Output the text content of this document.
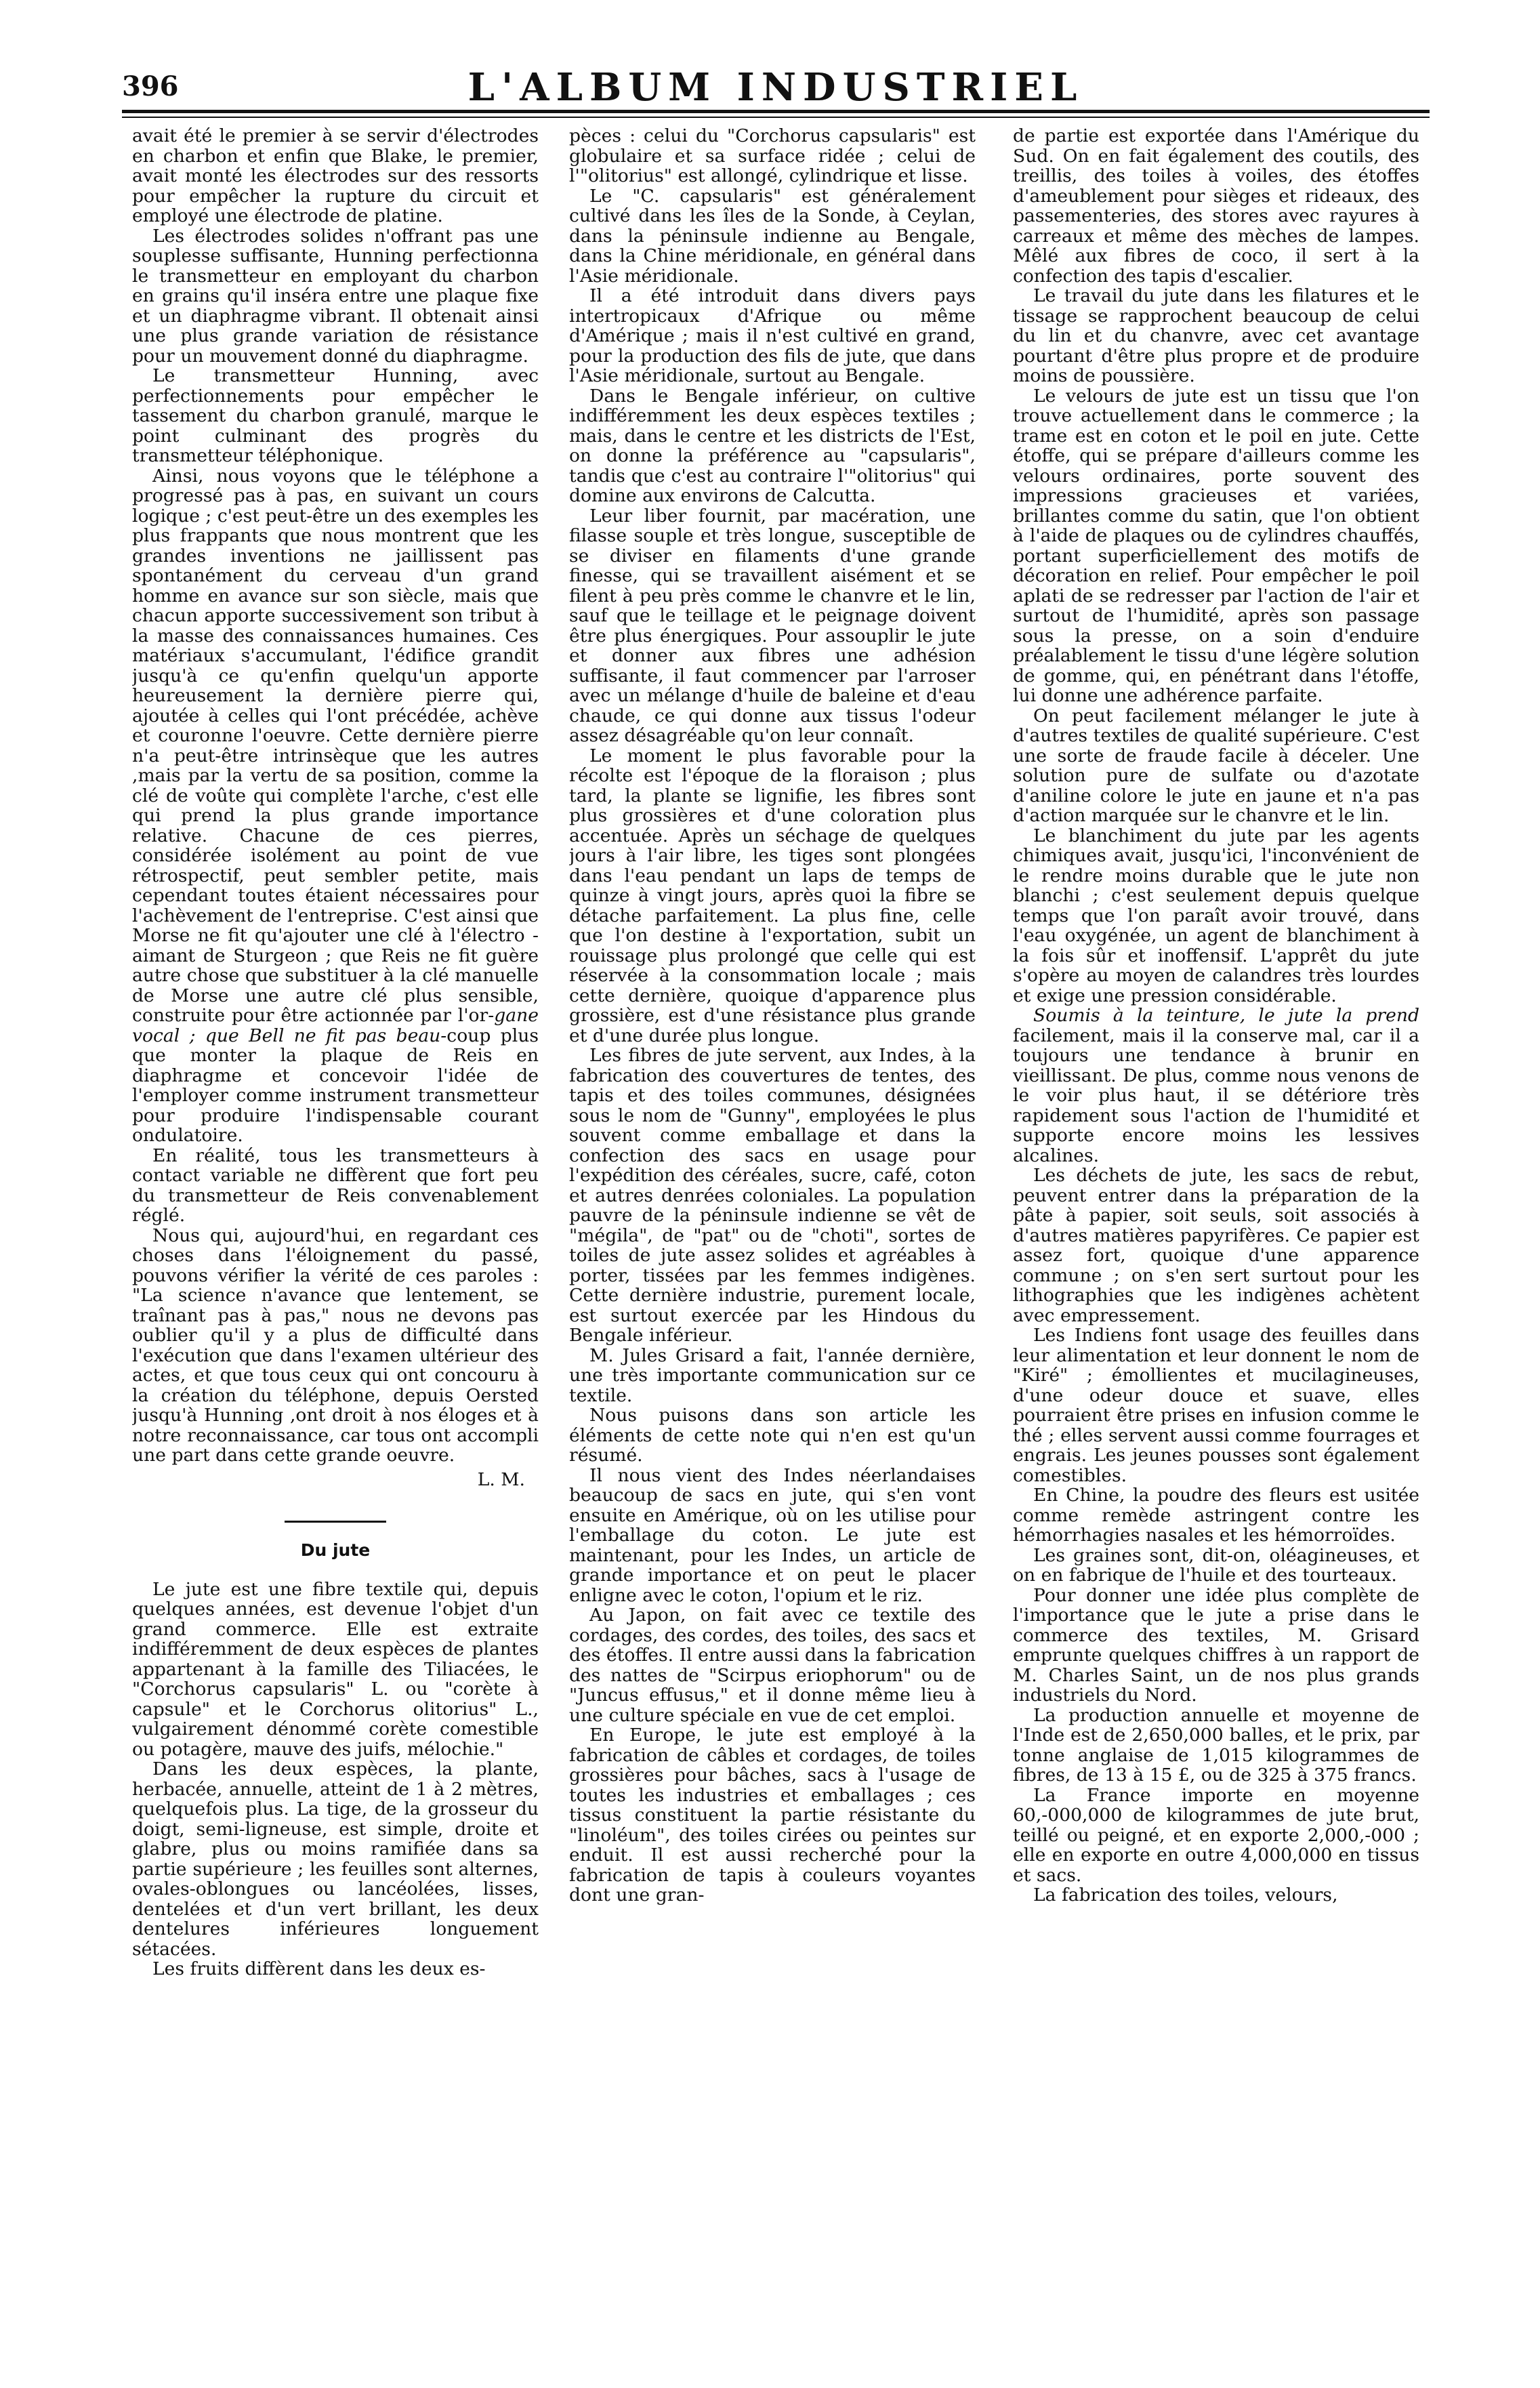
396	L'ALBUM INDUSTRIEL

avait été le premier à se servir d'électrodes en charbon et enfin que Blake, le premier, avait monté les électrodes sur des ressorts pour empêcher la rupture du circuit et employé une électrode de platine.

Les électrodes solides n'offrant pas une souplesse suffisante, Hunning perfectionna le transmetteur en employant du charbon en grains qu'il inséra entre une plaque fixe et un diaphragme vibrant. Il obtenait ainsi une plus grande variation de résistance pour un mouvement donné du diaphragme.

Le transmetteur Hunning, avec perfectionnements pour empêcher le tassement du charbon granulé, marque le point culminant des progrès du transmetteur téléphonique.

Ainsi, nous voyons que le téléphone a progressé pas à pas, en suivant un cours logique ; c'est peut-être un des exemples les plus frappants que nous montrent que les grandes inventions ne jaillissent pas spontanément du cerveau d'un grand homme en avance sur son siècle, mais que chacun apporte successivement son tribut à la masse des connaissances humaines. Ces matériaux s'accumulant, l'édifice grandit jusqu'à ce qu'enfin quelqu'un apporte heureusement la dernière pierre qui, ajoutée à celles qui l'ont précédée, achève et couronne l'oeuvre. Cette dernière pierre n'a peut-être intrinsèque que les autres ,mais par la vertu de sa position, comme la clé de voûte qui complète l'arche, c'est elle qui prend la plus grande importance relative. Chacune de ces pierres, considérée isolément au point de vue rétrospectif, peut sembler petite, mais cependant toutes étaient nécessaires pour l'achèvement de l'entreprise. C'est ainsi que Morse ne fit qu'ajouter une clé à l'électro - aimant de Sturgeon ; que Reis ne fit guère autre chose que substituer à la clé manuelle de Morse une autre clé plus sensible, construite pour être actionnée par l'or-gane vocal ; que Bell ne fit pas beau-coup plus que monter la plaque de Reis en diaphragme et concevoir l'idée de l'employer comme instrument transmetteur pour produire l'indispensable courant ondulatoire.

En réalité, tous les transmetteurs à contact variable ne diffèrent que fort peu du transmetteur de Reis convenablement réglé.

Nous qui, aujourd'hui, en regardant ces choses dans l'éloignement du passé, pouvons vérifier la vérité de ces paroles : "La science n'avance que lentement, se traînant pas à pas," nous ne devons pas oublier qu'il y a plus de difficulté dans l'exécution que dans l'examen ultérieur des actes, et que tous ceux qui ont concouru à la création du téléphone, depuis Oersted jusqu'à Hunning ,ont droit à nos éloges et à notre reconnaissance, car tous ont accompli une part dans cette grande oeuvre.

L. M.
Du jute

Le jute est une fibre textile qui, depuis quelques années, est devenue l'objet d'un grand commerce. Elle est extraite indifféremment de deux espèces de plantes appartenant à la famille des Tiliacées, le "Corchorus capsularis" L. ou "corète à capsule" et le Corchorus olitorius" L., vulgairement dénommé corète comestible ou potagère, mauve des juifs, mélochie."

Dans les deux espèces, la plante, herbacée, annuelle, atteint de 1 à 2 mètres, quelquefois plus. La tige, de la grosseur du doigt, semi-ligneuse, est simple, droite et glabre, plus ou moins ramifiée dans sa partie supérieure ; les feuilles sont alternes, ovales-oblongues ou lancéolées, lisses, dentelées et d'un vert brillant, les deux dentelures inférieures longuement sétacées.

Les fruits diffèrent dans les deux es-

pèces : celui du "Corchorus capsularis" est globulaire et sa surface ridée ; celui de l'"olitorius" est allongé, cylindrique et lisse.

Le "C. capsularis" est généralement cultivé dans les îles de la Sonde, à Ceylan, dans la péninsule indienne au Bengale, dans la Chine méridionale, en général dans l'Asie méridionale.

Il a été introduit dans divers pays intertropicaux d'Afrique ou même d'Amérique ; mais il n'est cultivé en grand, pour la production des fils de jute, que dans l'Asie méridionale, surtout au Bengale.

Dans le Bengale inférieur, on cultive indifféremment les deux espèces textiles ; mais, dans le centre et les districts de l'Est, on donne la préférence au "capsularis", tandis que c'est au contraire l'"olitorius" qui domine aux environs de Calcutta.

Leur liber fournit, par macération, une filasse souple et très longue, susceptible de se diviser en filaments d'une grande finesse, qui se travaillent aisément et se filent à peu près comme le chanvre et le lin, sauf que le teillage et le peignage doivent être plus énergiques. Pour assouplir le jute et donner aux fibres une adhésion suffisante, il faut commencer par l'arroser avec un mélange d'huile de baleine et d'eau chaude, ce qui donne aux tissus l'odeur assez désagréable qu'on leur connaît.

Le moment le plus favorable pour la récolte est l'époque de la floraison ; plus tard, la plante se lignifie, les fibres sont plus grossières et d'une coloration plus accentuée. Après un séchage de quelques jours à l'air libre, les tiges sont plongées dans l'eau pendant un laps de temps de quinze à vingt jours, après quoi la fibre se détache parfaitement. La plus fine, celle que l'on destine à l'exportation, subit un rouissage plus prolongé que celle qui est réservée à la consommation locale ; mais cette dernière, quoique d'apparence plus grossière, est d'une résistance plus grande et d'une durée plus longue.

Les fibres de jute servent, aux Indes, à la fabrication des couvertures de tentes, des tapis et des toiles communes, désignées sous le nom de "Gunny", employées le plus souvent comme emballage et dans la confection des sacs en usage pour l'expédition des céréales, sucre, café, coton et autres denrées coloniales. La population pauvre de la péninsule indienne se vêt de "mégila", de "pat" ou de "choti", sortes de toiles de jute assez solides et agréables à porter, tissées par les femmes indigènes. Cette dernière industrie, purement locale, est surtout exercée par les Hindous du Bengale inférieur.

M. Jules Grisard a fait, l'année dernière, une très importante communication sur ce textile.

Nous puisons dans son article les éléments de cette note qui n'en est qu'un résumé.

Il nous vient des Indes néerlandaises beaucoup de sacs en jute, qui s'en vont ensuite en Amérique, où on les utilise pour l'emballage du coton. Le jute est maintenant, pour les Indes, un article de grande importance et on peut le placer enligne avec le coton, l'opium et le riz.

Au Japon, on fait avec ce textile des cordages, des cordes, des toiles, des sacs et des étoffes. Il entre aussi dans la fabrication des nattes de "Scirpus eriophorum" ou de "Juncus effusus," et il donne même lieu à une culture spéciale en vue de cet emploi.

En Europe, le jute est employé à la fabrication de câbles et cordages, de toiles grossières pour bâches, sacs à l'usage de toutes les industries et emballages ; ces tissus constituent la partie résistante du "linoléum", des toiles cirées ou peintes sur enduit. Il est aussi recherché pour la fabrication de tapis à couleurs voyantes dont une gran-

de partie est exportée dans l'Amérique du Sud. On en fait également des coutils, des treillis, des toiles à voiles, des étoffes d'ameublement pour sièges et rideaux, des passementeries, des stores avec rayures à carreaux et même des mèches de lampes. Mêlé aux fibres de coco, il sert à la confection des tapis d'escalier.

Le travail du jute dans les filatures et le tissage se rapprochent beaucoup de celui du lin et du chanvre, avec cet avantage pourtant d'être plus propre et de produire moins de poussière.

Le velours de jute est un tissu que l'on trouve actuellement dans le commerce ; la trame est en coton et le poil en jute. Cette étoffe, qui se prépare d'ailleurs comme les velours ordinaires, porte souvent des impressions gracieuses et variées, brillantes comme du satin, que l'on obtient à l'aide de plaques ou de cylindres chauffés, portant superficiellement des motifs de décoration en relief. Pour empêcher le poil aplati de se redresser par l'action de l'air et surtout de l'humidité, après son passage sous la presse, on a soin d'enduire préalablement le tissu d'une légère solution de gomme, qui, en pénétrant dans l'étoffe, lui donne une adhérence parfaite.

On peut facilement mélanger le jute à d'autres textiles de qualité supérieure. C'est une sorte de fraude facile à déceler. Une solution pure de sulfate ou d'azotate d'aniline colore le jute en jaune et n'a pas d'action marquée sur le chanvre et le lin.

Le blanchiment du jute par les agents chimiques avait, jusqu'ici, l'inconvénient de le rendre moins durable que le jute non blanchi ; c'est seulement depuis quelque temps que l'on paraît avoir trouvé, dans l'eau oxygénée, un agent de blanchiment à la fois sûr et inoffensif. L'apprêt du jute s'opère au moyen de calandres très lourdes et exige une pression considérable.

Soumis à la teinture, le jute la prend facilement, mais il la conserve mal, car il a toujours une tendance à brunir en vieillissant. De plus, comme nous venons de le voir plus haut, il se détériore très rapidement sous l'action de l'humidité et supporte encore moins les lessives alcalines.

Les déchets de jute, les sacs de rebut, peuvent entrer dans la préparation de la pâte à papier, soit seuls, soit associés à d'autres matières papyrifères. Ce papier est assez fort, quoique d'une apparence commune ; on s'en sert surtout pour les lithographies que les indigènes achètent avec empressement.

Les Indiens font usage des feuilles dans leur alimentation et leur donnent le nom de "Kiré" ; émollientes et mucilagineuses, d'une odeur douce et suave, elles pourraient être prises en infusion comme le thé ; elles servent aussi comme fourrages et engrais. Les jeunes pousses sont également comestibles.

En Chine, la poudre des fleurs est usitée comme remède astringent contre les hémorrhagies nasales et les hémorroïdes.

Les graines sont, dit-on, oléagineuses, et on en fabrique de l'huile et des tourteaux.

Pour donner une idée plus complète de l'importance que le jute a prise dans le commerce des textiles, M. Grisard emprunte quelques chiffres à un rapport de M. Charles Saint, un de nos plus grands industriels du Nord.

La production annuelle et moyenne de l'Inde est de 2,650,000 balles, et le prix, par tonne anglaise de 1,015 kilogrammes de fibres, de 13 à 15 £, ou de 325 à 375 francs.

La France importe en moyenne 60,-000,000 de kilogrammes de jute brut, teillé ou peigné, et en exporte 2,000,-000 ; elle en exporte en outre 4,000,000 en tissus et sacs.

La fabrication des toiles, velours,
